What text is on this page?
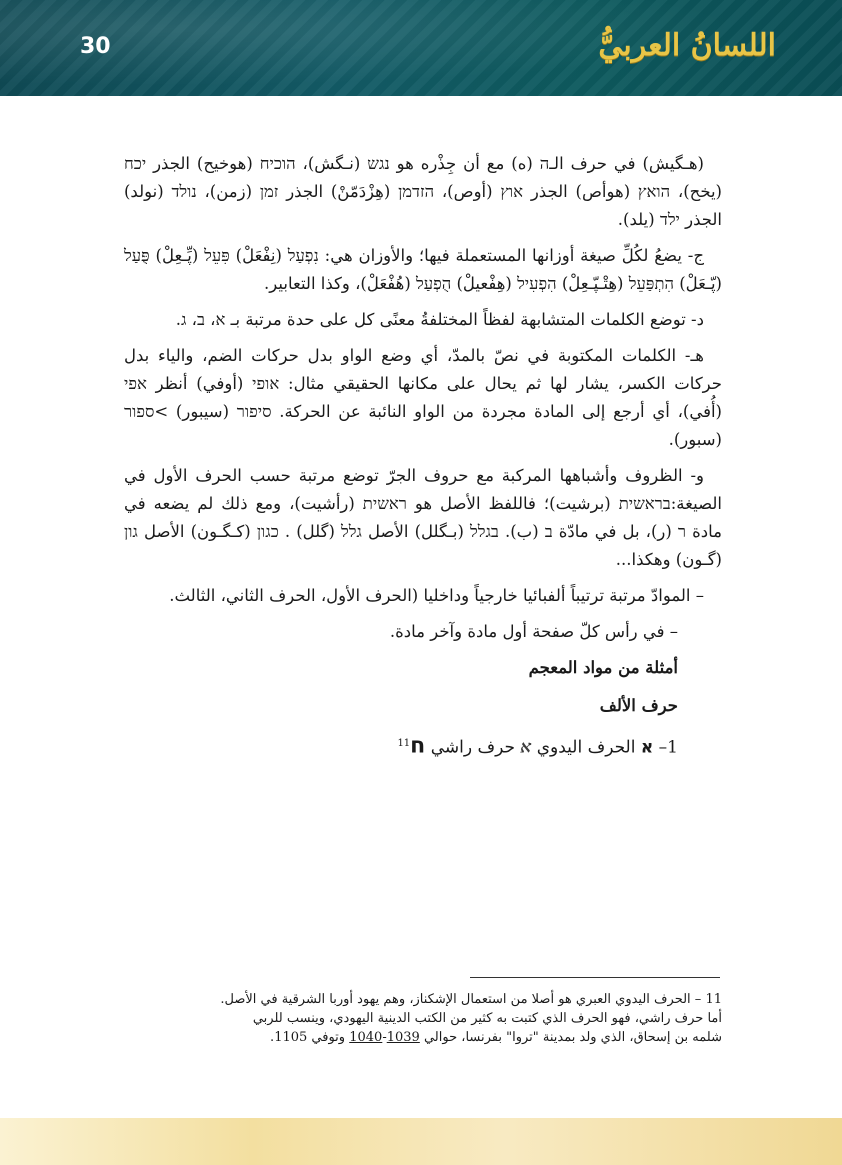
30	اللسانُ العربيُّ

(هـگيش) في حرف الـה (ه) مع أن جِذْره هو נגש (نـگش)، הוכיח (هوخيح) الجذر יכח (يخح)، הואץ (هوأص) الجذر אוץ (أوص)، הזדמן (هِزْدَمّنْ) الجذر זמן (زمن)، נולד (نولد) الجذر ילד (يلد).

ج- يضعُ لكُلِّ صيغة أوزانها المستعملة فيها؛ والأوزان هي: נִפְעַל (نِفْعَلْ) פִּעֵל (پِّـعِلْ) פֻּעַל (پّـعَلْ) הִתְפַּעֵל (هِتْـپّـعِلْ) הִפְעִיל (هِفْعيلْ) הֻפְעַל (هُفْعَلْ)، وكذا التعابير.

د- توضع الكلمات المتشابهة لفظاً المختلفةُ معنًى كل على حدة مرتبة بـ א، ב، ג.

هـ- الكلمات المكتوبة في نصّ بالمدّ، أي وضع الواو بدل حركات الضم، والياء بدل حركات الكسر، يشار لها ثم يحال على مكانها الحقيقي مثال: אופי (أوفي) أنظر אפי (أُفي)، أي أرجع إلى المادة مجردة من الواو النائبة عن الحركة. סיפור (سيبور) >ספור (سبور).

و- الظروف وأشباهها المركبة مع حروف الجرّ توضع مرتبة حسب الحرف الأول في الصيغة:בראשית (برشيت)؛ فاللفظ الأصل هو ראשית (رأشيت)، ومع ذلك لم يضعه في مادة ר (ر)، بل في مادّة ב (ب). בגלל (بـگلل) الأصل גלל (گلل) . כגון (كـگـون) الأصل גון (گـون) وهكذا...

– الموادّ مرتبة ترتيباً ألفبائيا خارجياً وداخليا (الحرف الأول، الحرف الثاني، الثالث.

– في رأس كلّ صفحة أول مادة وآخر مادة.

أمثلة من مواد المعجم

حرف الألف

1– א الحرف اليدوي ﬡ حرف راشي ח$^{11}$

11 – الحرف اليدوي العبري هو أصلا من استعمال الإشكناز، وهم يهود أوربا الشرقية في الأصل.

أما حرف راشي، فهو الحرف الذي كتبت به كثير من الكتب الدينية اليهودي، وينسب للربي

شلمه بن إسحاق، الذي ولد بمدينة "تروا" بفرنسا، حوالي 1039-1040 وتوفي 1105.
